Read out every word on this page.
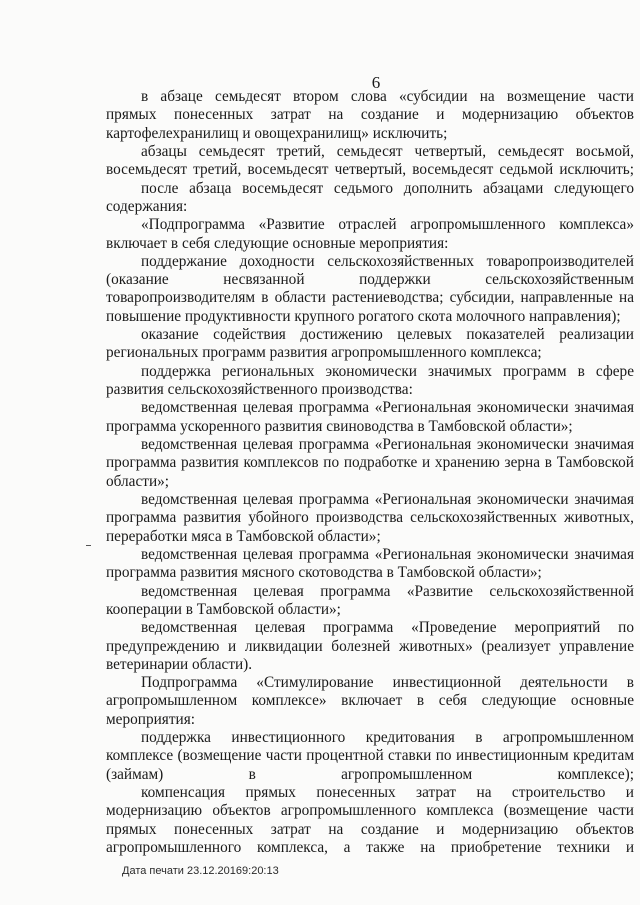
6
в абзаце семьдесят втором слова «субсидии на возмещение части
прямых понесенных затрат на создание и модернизацию объектов
картофелехранилищ и овощехранилищ» исключить;
абзацы семьдесят третий, семьдесят четвертый, семьдесят восьмой,
восемьдесят третий, восемьдесят четвертый, восемьдесят седьмой исключить;
после абзаца восемьдесят седьмого дополнить абзацами следующего
содержания:
«Подпрограмма «Развитие отраслей агропромышленного комплекса»
включает в себя следующие основные мероприятия:
поддержание доходности сельскохозяйственных товаропроизводителей
(оказание несвязанной поддержки сельскохозяйственным
товаропроизводителям в области растениеводства; субсидии, направленные на
повышение продуктивности крупного рогатого скота молочного направления);
оказание содействия достижению целевых показателей реализации
региональных программ развития агропромышленного комплекса;
поддержка региональных экономически значимых программ в сфере
развития сельскохозяйственного производства:
ведомственная целевая программа «Региональная экономически значимая
программа ускоренного развития свиноводства в Тамбовской области»;
ведомственная целевая программа «Региональная экономически значимая
программа развития комплексов по подработке и хранению зерна в Тамбовской
области»;
ведомственная целевая программа «Региональная экономически значимая
программа развития убойного производства сельскохозяйственных животных,
переработки мяса в Тамбовской области»;
ведомственная целевая программа «Региональная экономически значимая
программа развития мясного скотоводства в Тамбовской области»;
ведомственная целевая программа «Развитие сельскохозяйственной
кооперации в Тамбовской области»;
ведомственная целевая программа «Проведение мероприятий по
предупреждению и ликвидации болезней животных» (реализует управление
ветеринарии области).
Подпрограмма «Стимулирование инвестиционной деятельности в
агропромышленном комплексе» включает в себя следующие основные
мероприятия:
Дата печати 23.12.20169:20:13
поддержка инвестиционного кредитования в агропромышленном
комплексе (возмещение части процентной ставки по инвестиционным кредитам
(займам) в агропромышленном комплексе);
компенсация прямых понесенных затрат на строительство и
модернизацию объектов агропромышленного комплекса (возмещение части
прямых понесенных затрат на создание и модернизацию объектов
агропромышленного комплекса, а также на приобретение техники и
